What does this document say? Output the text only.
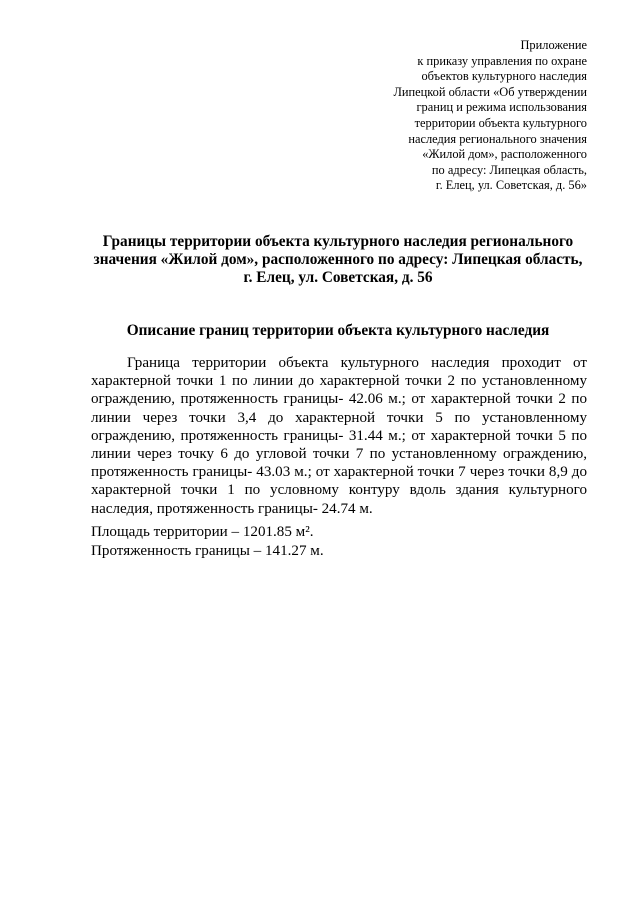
Приложение
к приказу управления по охране
объектов культурного наследия
Липецкой области «Об утверждении
границ и режима использования
территории объекта культурного
наследия регионального значения
«Жилой дом», расположенного
по адресу: Липецкая область,
г. Елец, ул. Советская, д. 56»
Границы территории объекта культурного наследия регионального
значения «Жилой дом», расположенного по адресу: Липецкая область,
г. Елец, ул. Советская, д. 56
Описание границ территории объекта культурного наследия
Граница территории объекта культурного наследия проходит от
характерной точки 1 по линии до характерной точки 2 по установленному
ограждению, протяженность границы- 42.06 м.; от характерной точки 2 по
линии через точки 3,4 до характерной точки 5 по установленному
ограждению, протяженность границы- 31.44 м.; от характерной точки 5 по
линии через точку 6 до угловой точки 7 по установленному ограждению,
протяженность границы- 43.03 м.; от характерной точки 7 через точки 8,9 до
характерной точки 1 по условному контуру вдоль здания культурного
наследия, протяженность границы- 24.74 м.
Площадь территории – 1201.85 м².
Протяженность границы – 141.27 м.
